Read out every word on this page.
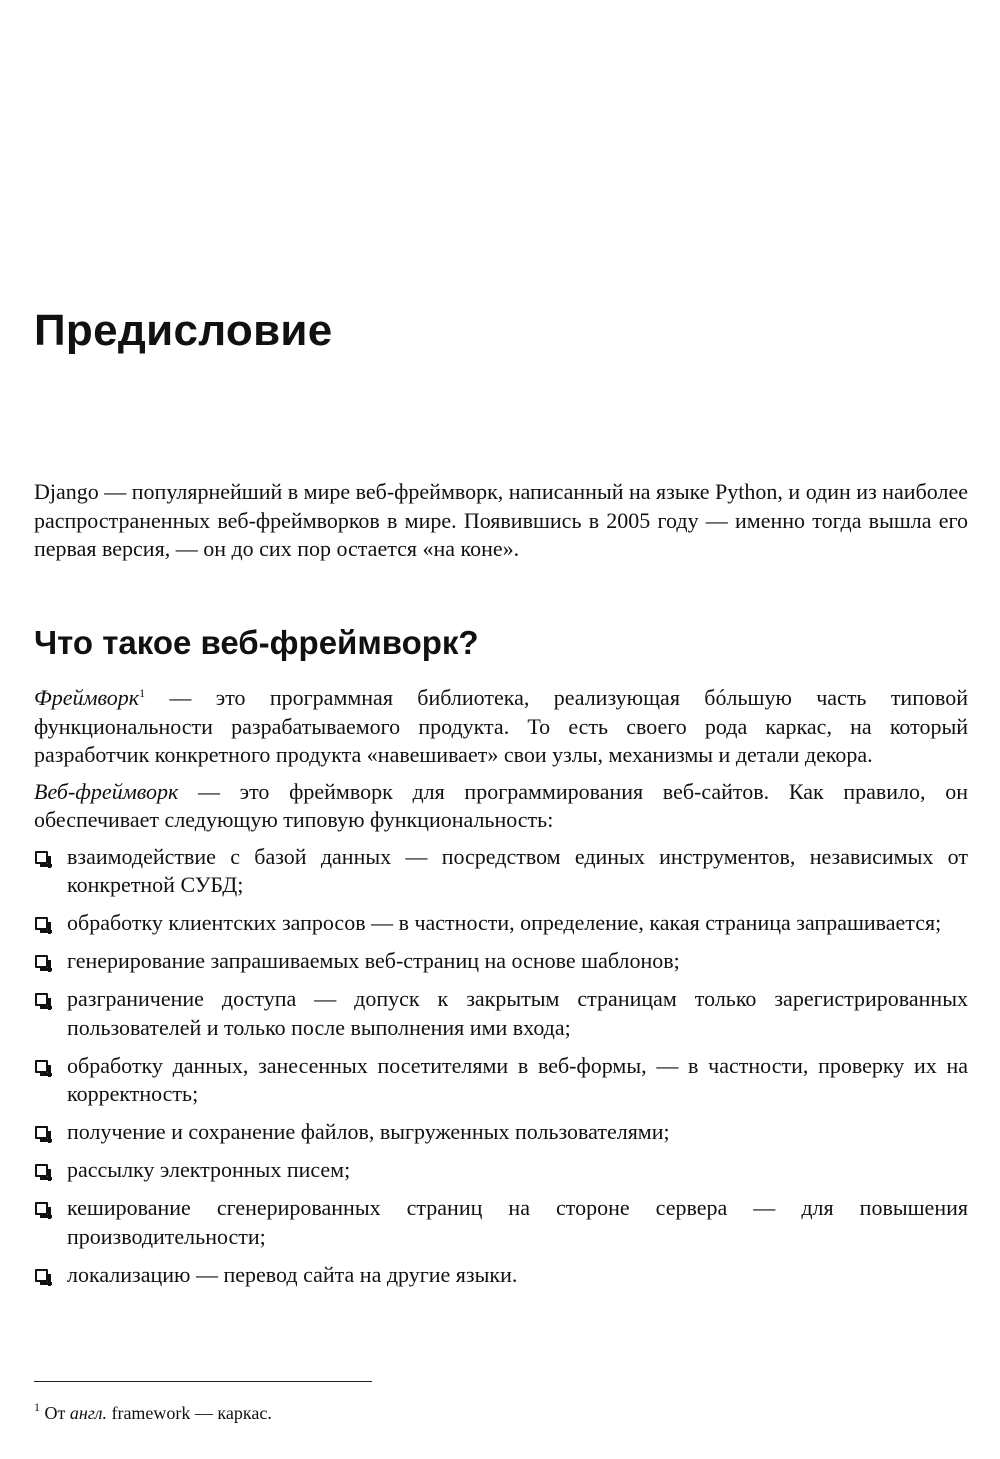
Предисловие

Django — популярнейший в мире веб-фреймворк, написанный на языке Python, и один из наиболее распространенных веб-фреймворков в мире. Появившись в 2005 году — именно тогда вышла его первая версия, — он до сих пор остается «на коне».

Что такое веб-фреймворк?

Фреймворк$^1$ — это программная библиотека, реализующая бóльшую часть типовой функциональности разрабатываемого продукта. То есть своего рода каркас, на который разработчик конкретного продукта «навешивает» свои узлы, механизмы и детали декора.

Веб-фреймворк — это фреймворк для программирования веб-сайтов. Как правило, он обеспечивает следующую типовую функциональность:

взаимодействие с базой данных — посредством единых инструментов, независимых от конкретной СУБД;
обработку клиентских запросов — в частности, определение, какая страница запрашивается;
генерирование запрашиваемых веб-страниц на основе шаблонов;
разграничение доступа — допуск к закрытым страницам только зарегистрированных пользователей и только после выполнения ими входа;
обработку данных, занесенных посетителями в веб-формы, — в частности, проверку их на корректность;
получение и сохранение файлов, выгруженных пользователями;
рассылку электронных писем;
кеширование сгенерированных страниц на стороне сервера — для повышения производительности;
локализацию — перевод сайта на другие языки.
$^1$ От англ. framework — каркас.
